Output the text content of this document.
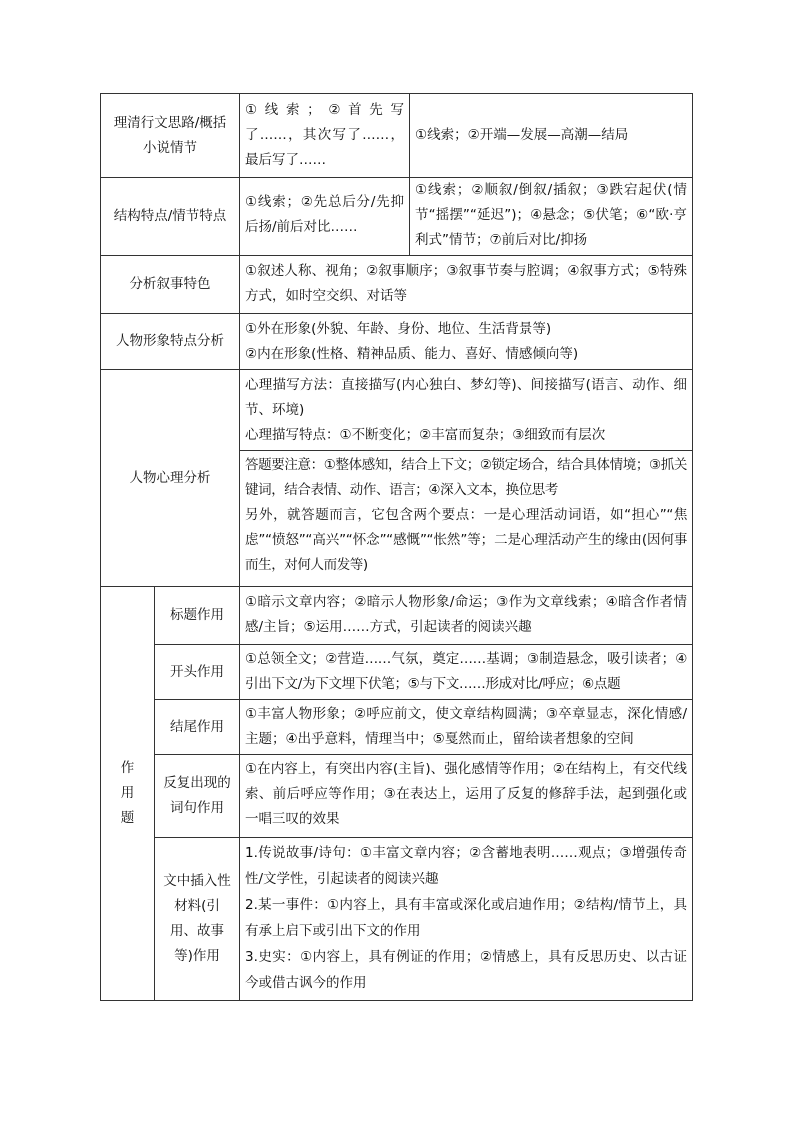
理清行文思路/概括小说情节
①线索；②首先写了……，其次写了……，最后写了……
①线索；②开端—发展—高潮—结局
结构特点/情节特点
①线索；②先总后分/先抑后扬/前后对比……
①线索；②顺叙/倒叙/插叙；③跌宕起伏(情节“摇摆”“延迟”)；④悬念；⑤伏笔；⑥“欧·亨利式”情节；⑦前后对比/抑扬
分析叙事特色
①叙述人称、视角；②叙事顺序；③叙事节奏与腔调；④叙事方式；⑤特殊方式，如时空交织、对话等
人物形象特点分析
①外在形象(外貌、年龄、身份、地位、生活背景等)
②内在形象(性格、精神品质、能力、喜好、情感倾向等)
人物心理分析
心理描写方法：直接描写(内心独白、梦幻等)、间接描写(语言、动作、细节、环境)
心理描写特点：①不断变化；②丰富而复杂；③细致而有层次
答题要注意：①整体感知，结合上下文；②锁定场合，结合具体情境；③抓关键词，结合表情、动作、语言；④深入文本，换位思考
另外，就答题而言，它包含两个要点：一是心理活动词语，如“担心”“焦虑”“愤怒”“高兴”“怀念”“感慨”“怅然”等；二是心理活动产生的缘由(因何事而生，对何人而发等)
作
用
题
标题作用
①暗示文章内容；②暗示人物形象/命运；③作为文章线索；④暗含作者情感/主旨；⑤运用……方式，引起读者的阅读兴趣
开头作用
①总领全文；②营造……气氛，奠定……基调；③制造悬念，吸引读者；④引出下文/为下文埋下伏笔；⑤与下文……形成对比/呼应；⑥点题
结尾作用
①丰富人物形象；②呼应前文，使文章结构圆满；③卒章显志，深化情感/主题；④出乎意料，情理当中；⑤戛然而止，留给读者想象的空间
反复出现的词句作用
①在内容上，有突出内容(主旨)、强化感情等作用；②在结构上，有交代线索、前后呼应等作用；③在表达上，运用了反复的修辞手法，起到强化或一唱三叹的效果
文中插入性材料(引用、故事等)作用
1.传说故事/诗句：①丰富文章内容；②含蓄地表明……观点；③增强传奇性/文学性，引起读者的阅读兴趣
2.某一事件：①内容上，具有丰富或深化或启迪作用；②结构/情节上，具有承上启下或引出下文的作用
3.史实：①内容上，具有例证的作用；②情感上，具有反思历史、以古证今或借古讽今的作用
